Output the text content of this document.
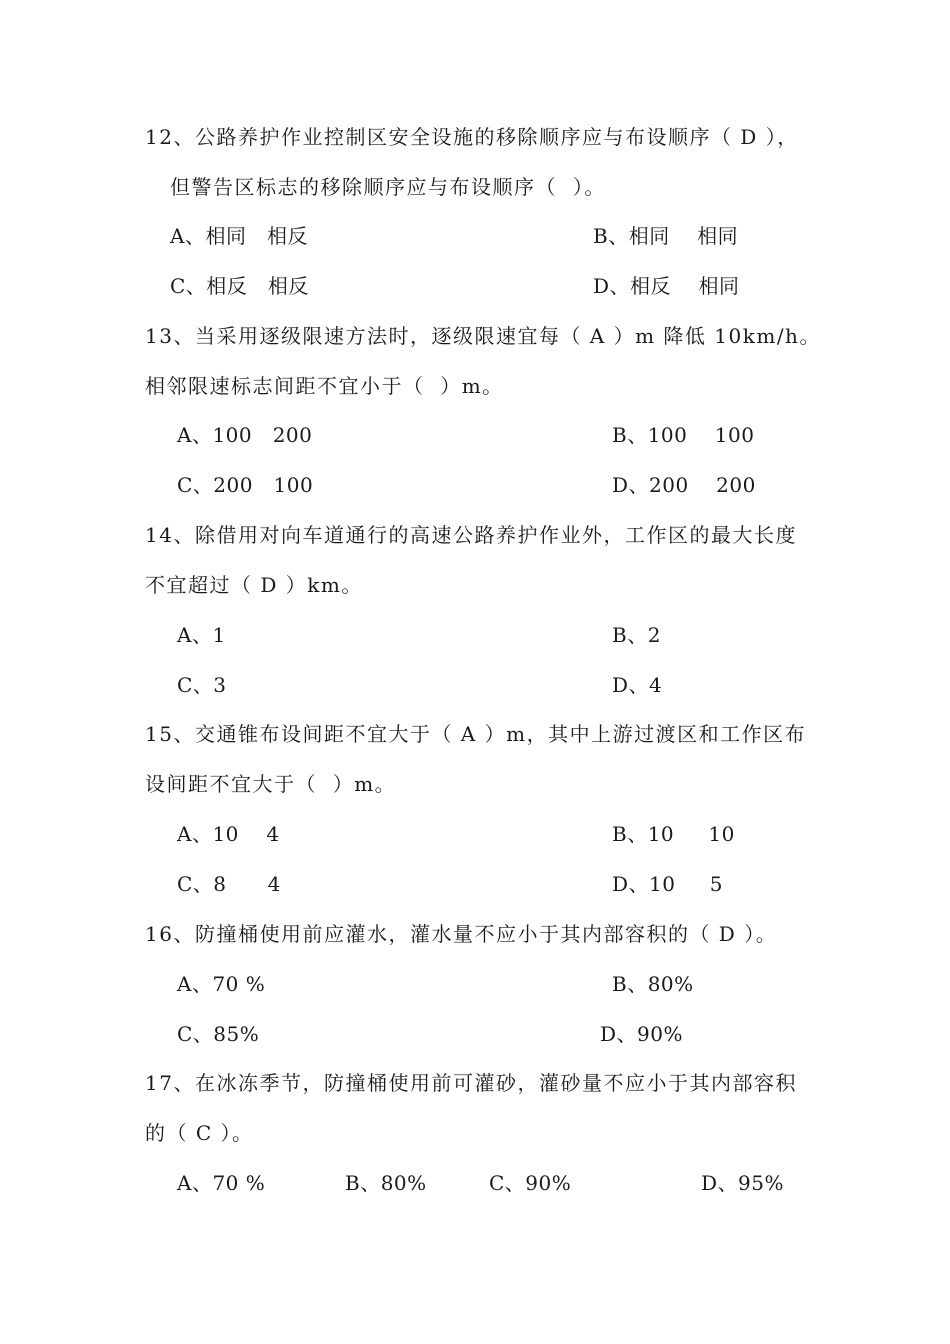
12、公路养护作业控制区安全设施的移除顺序应与布设顺序（ D ），
但警告区标志的移除顺序应与布设顺序（  ）。
A、相同   相反	B、相同    相同
C、相反   相反	D、相反    相同
13、当采用逐级限速方法时，逐级限速宜每（ A ）m 降低 10km/h。
相邻限速标志间距不宜小于（  ）m。
A、100   200	B、100    100
C、200   100	D、200    200
14、除借用对向车道通行的高速公路养护作业外，工作区的最大长度
不宜超过（ D ）km。
A、1	B、2
C、3	D、4
15、交通锥布设间距不宜大于（ A ）m，其中上游过渡区和工作区布
设间距不宜大于（  ）m。
A、10    4	B、10     10
C、8      4	D、10     5
16、防撞桶使用前应灌水，灌水量不应小于其内部容积的（ D ）。
A、70 %	B、80%
C、85%	D、90%
17、在冰冻季节，防撞桶使用前可灌砂，灌砂量不应小于其内部容积
的（ C ）。
A、70 %	B、80%	C、90%	D、95%
